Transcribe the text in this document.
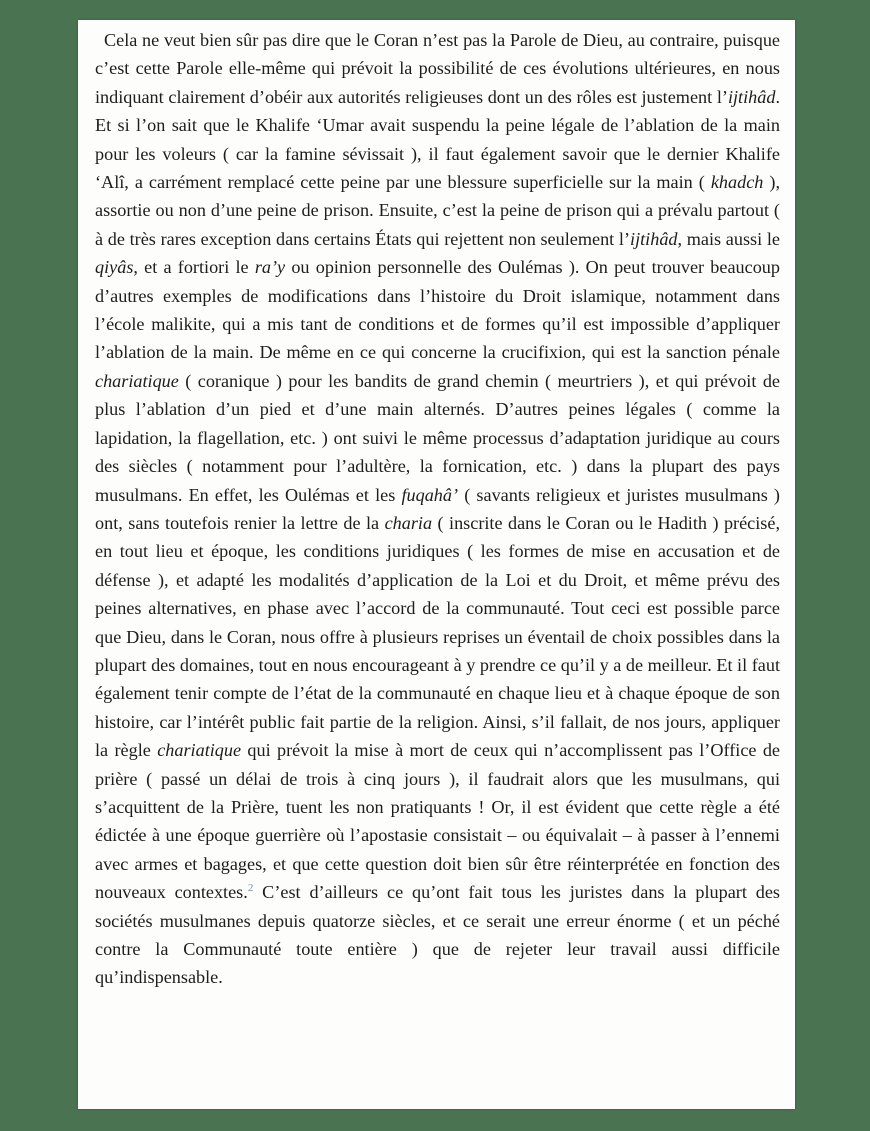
Cela ne veut bien sûr pas dire que le Coran n’est pas la Parole de Dieu, au contraire, puisque c’est cette Parole elle-même qui prévoit la possibilité de ces évolutions ultérieures, en nous indiquant clairement d’obéir aux autorités religieuses dont un des rôles est justement l’ijtihâd. Et si l’on sait que le Khalife ‘Umar avait suspendu la peine légale de l’ablation de la main pour les voleurs ( car la famine sévissait ), il faut également savoir que le dernier Khalife ‘Alî, a carrément remplacé cette peine par une blessure superficielle sur la main ( khadch ), assortie ou non d’une peine de prison. Ensuite, c’est la peine de prison qui a prévalu partout ( à de très rares exception dans certains États qui rejettent non seulement l’ijtihâd, mais aussi le qiyâs, et a fortiori le ra’y ou opinion personnelle des Oulémas ). On peut trouver beaucoup d’autres exemples de modifications dans l’histoire du Droit islamique, notamment dans l’école malikite, qui a mis tant de conditions et de formes qu’il est impossible d’appliquer l’ablation de la main. De même en ce qui concerne la crucifixion, qui est la sanction pénale chariatique ( coranique ) pour les bandits de grand chemin ( meurtriers ), et qui prévoit de plus l’ablation d’un pied et d’une main alternés. D’autres peines légales ( comme la lapidation, la flagellation, etc. ) ont suivi le même processus d’adaptation juridique au cours des siècles ( notamment pour l’adultère, la fornication, etc. ) dans la plupart des pays musulmans. En effet, les Oulémas et les fuqahâ’ ( savants religieux et juristes musulmans ) ont, sans toutefois renier la lettre de la charia ( inscrite dans le Coran ou le Hadith ) précisé, en tout lieu et époque, les conditions juridiques ( les formes de mise en accusation et de défense ), et adapté les modalités d’application de la Loi et du Droit, et même prévu des peines alternatives, en phase avec l’accord de la communauté. Tout ceci est possible parce que Dieu, dans le Coran, nous offre à plusieurs reprises un éventail de choix possibles dans la plupart des domaines, tout en nous encourageant à y prendre ce qu’il y a de meilleur. Et il faut également tenir compte de l’état de la communauté en chaque lieu et à chaque époque de son histoire, car l’intérêt public fait partie de la religion. Ainsi, s’il fallait, de nos jours, appliquer la règle chariatique qui prévoit la mise à mort de ceux qui n’accomplissent pas l’Office de prière ( passé un délai de trois à cinq jours ), il faudrait alors que les musulmans, qui s’acquittent de la Prière, tuent les non pratiquants ! Or, il est évident que cette règle a été édictée à une époque guerrière où l’apostasie consistait – ou équivalait – à passer à l’ennemi avec armes et bagages, et que cette question doit bien sûr être réinterprétée en fonction des nouveaux contextes.$^2$ C’est d’ailleurs ce qu’ont fait tous les juristes dans la plupart des sociétés musulmanes depuis quatorze siècles, et ce serait une erreur énorme ( et un péché contre la Communauté toute entière ) que de rejeter leur travail aussi difficile qu’indispensable.
